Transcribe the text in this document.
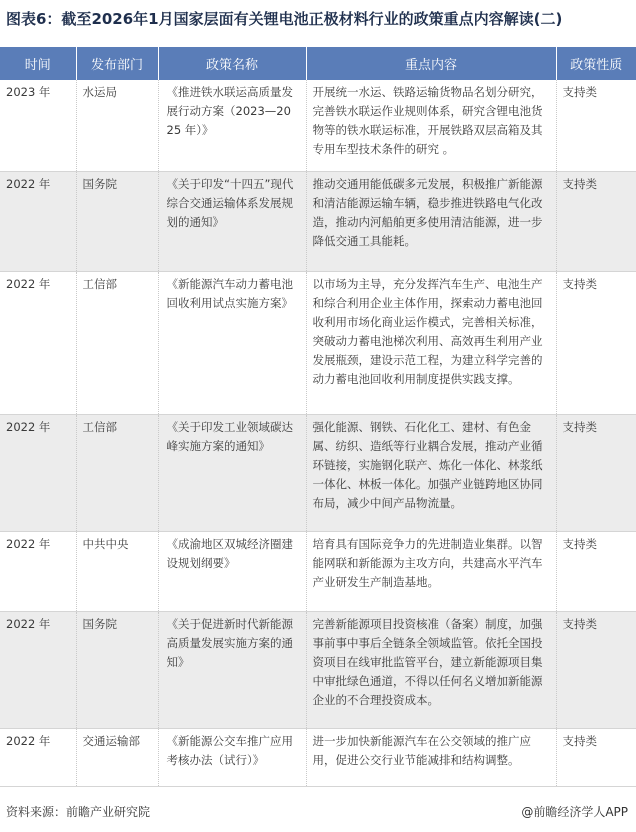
图表6：截至2026年1月国家层面有关锂电池正极材料行业的政策重点内容解读(二)
时间	发布部门	政策名称	重点内容	政策性质
2023 年	水运局	《推进铁水联运高质量发展行动方案（2023—2025 年）》	开展统一水运、铁路运输货物品名划分研究，完善铁水联运作业规则体系，研究含锂电池货物等的铁水联运标准，开展铁路双层高箱及其专用车型技术条件的研究 。	支持类
2022 年	国务院	《关于印发“十四五”现代综合交通运输体系发展规划的通知》	推动交通用能低碳多元发展，积极推广新能源和清洁能源运输车辆，稳步推进铁路电气化改造，推动内河船舶更多使用清洁能源，进一步降低交通工具能耗。	支持类
2022 年	工信部	《新能源汽车动力蓄电池回收利用试点实施方案》	以市场为主导，充分发挥汽车生产、电池生产和综合利用企业主体作用，探索动力蓄电池回收利用市场化商业运作模式，完善相关标准，突破动力蓄电池梯次利用、高效再生利用产业发展瓶颈，建设示范工程，为建立科学完善的动力蓄电池回收利用制度提供实践支撑。	支持类
2022 年	工信部	《关于印发工业领域碳达峰实施方案的通知》	强化能源、钢铁、石化化工、建材、有色金属、纺织、造纸等行业耦合发展，推动产业循环链接，实施钢化联产、炼化一体化、林浆纸一体化、林板一体化。加强产业链跨地区协同布局，减少中间产品物流量。	支持类
2022 年	中共中央	《成渝地区双城经济圈建设规划纲要》	培育具有国际竞争力的先进制造业集群。以智能网联和新能源为主攻方向，共建高水平汽车产业研发生产制造基地。	支持类
2022 年	国务院	《关于促进新时代新能源高质量发展实施方案的通知》	完善新能源项目投资核准（备案）制度，加强事前事中事后全链条全领域监管。依托全国投资项目在线审批监管平台，建立新能源项目集中审批绿色通道，不得以任何名义增加新能源企业的不合理投资成本。	支持类
2022 年	交通运输部	《新能源公交车推广应用考核办法（试行）》	进一步加快新能源汽车在公交领域的推广应用，促进公交行业节能减排和结构调整。	支持类
资料来源：前瞻产业研究院	@前瞻经济学人APP
